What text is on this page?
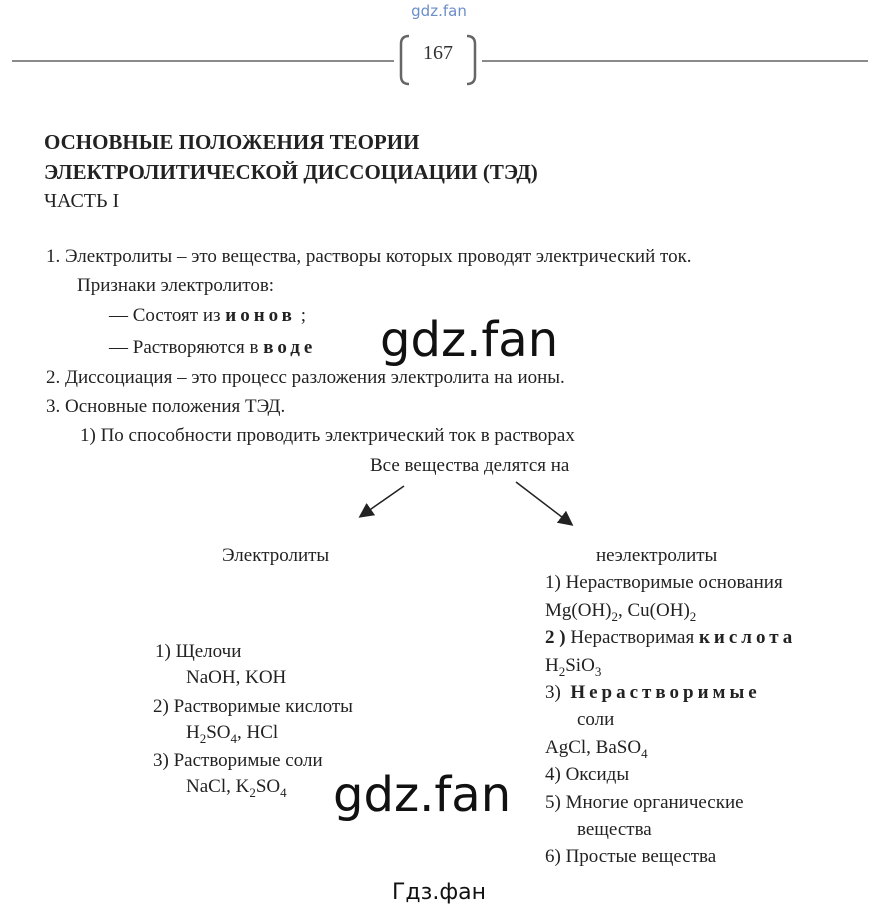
gdz.fan
167
ОСНОВНЫЕ ПОЛОЖЕНИЯ ТЕОРИИ
ЭЛЕКТРОЛИТИЧЕСКОЙ ДИССОЦИАЦИИ (ТЭД)
ЧАСТЬ I
1. Электролиты – это вещества, растворы которых проводят электрический ток.
Признаки электролитов:
— Состоят из ионов ;
— Растворяются в воде
2. Диссоциация – это процесс разложения электролита на ионы.
3. Основные положения ТЭД.
1) По способности проводить электрический ток в растворах
Все вещества делятся на
Электролиты	неэлектролиты
1) Щелочи
NaOH, KOH
2) Растворимые кислоты
$H_2SO_4$, HCl
3) Растворимые соли
NaCl, $K_2SO_4$
1) Нерастворимые основания
$Mg(OH)_2$, $Cu(OH)_2$
2 ) Нерастворимая кислота
$H_2SiO_3$
3) Нерастворимые
соли
AgCl, BaSO$_4$
4) Оксиды
5) Многие органические
вещества
6) Простые вещества
gdz.fan
gdz.fan
Гдз.фан
